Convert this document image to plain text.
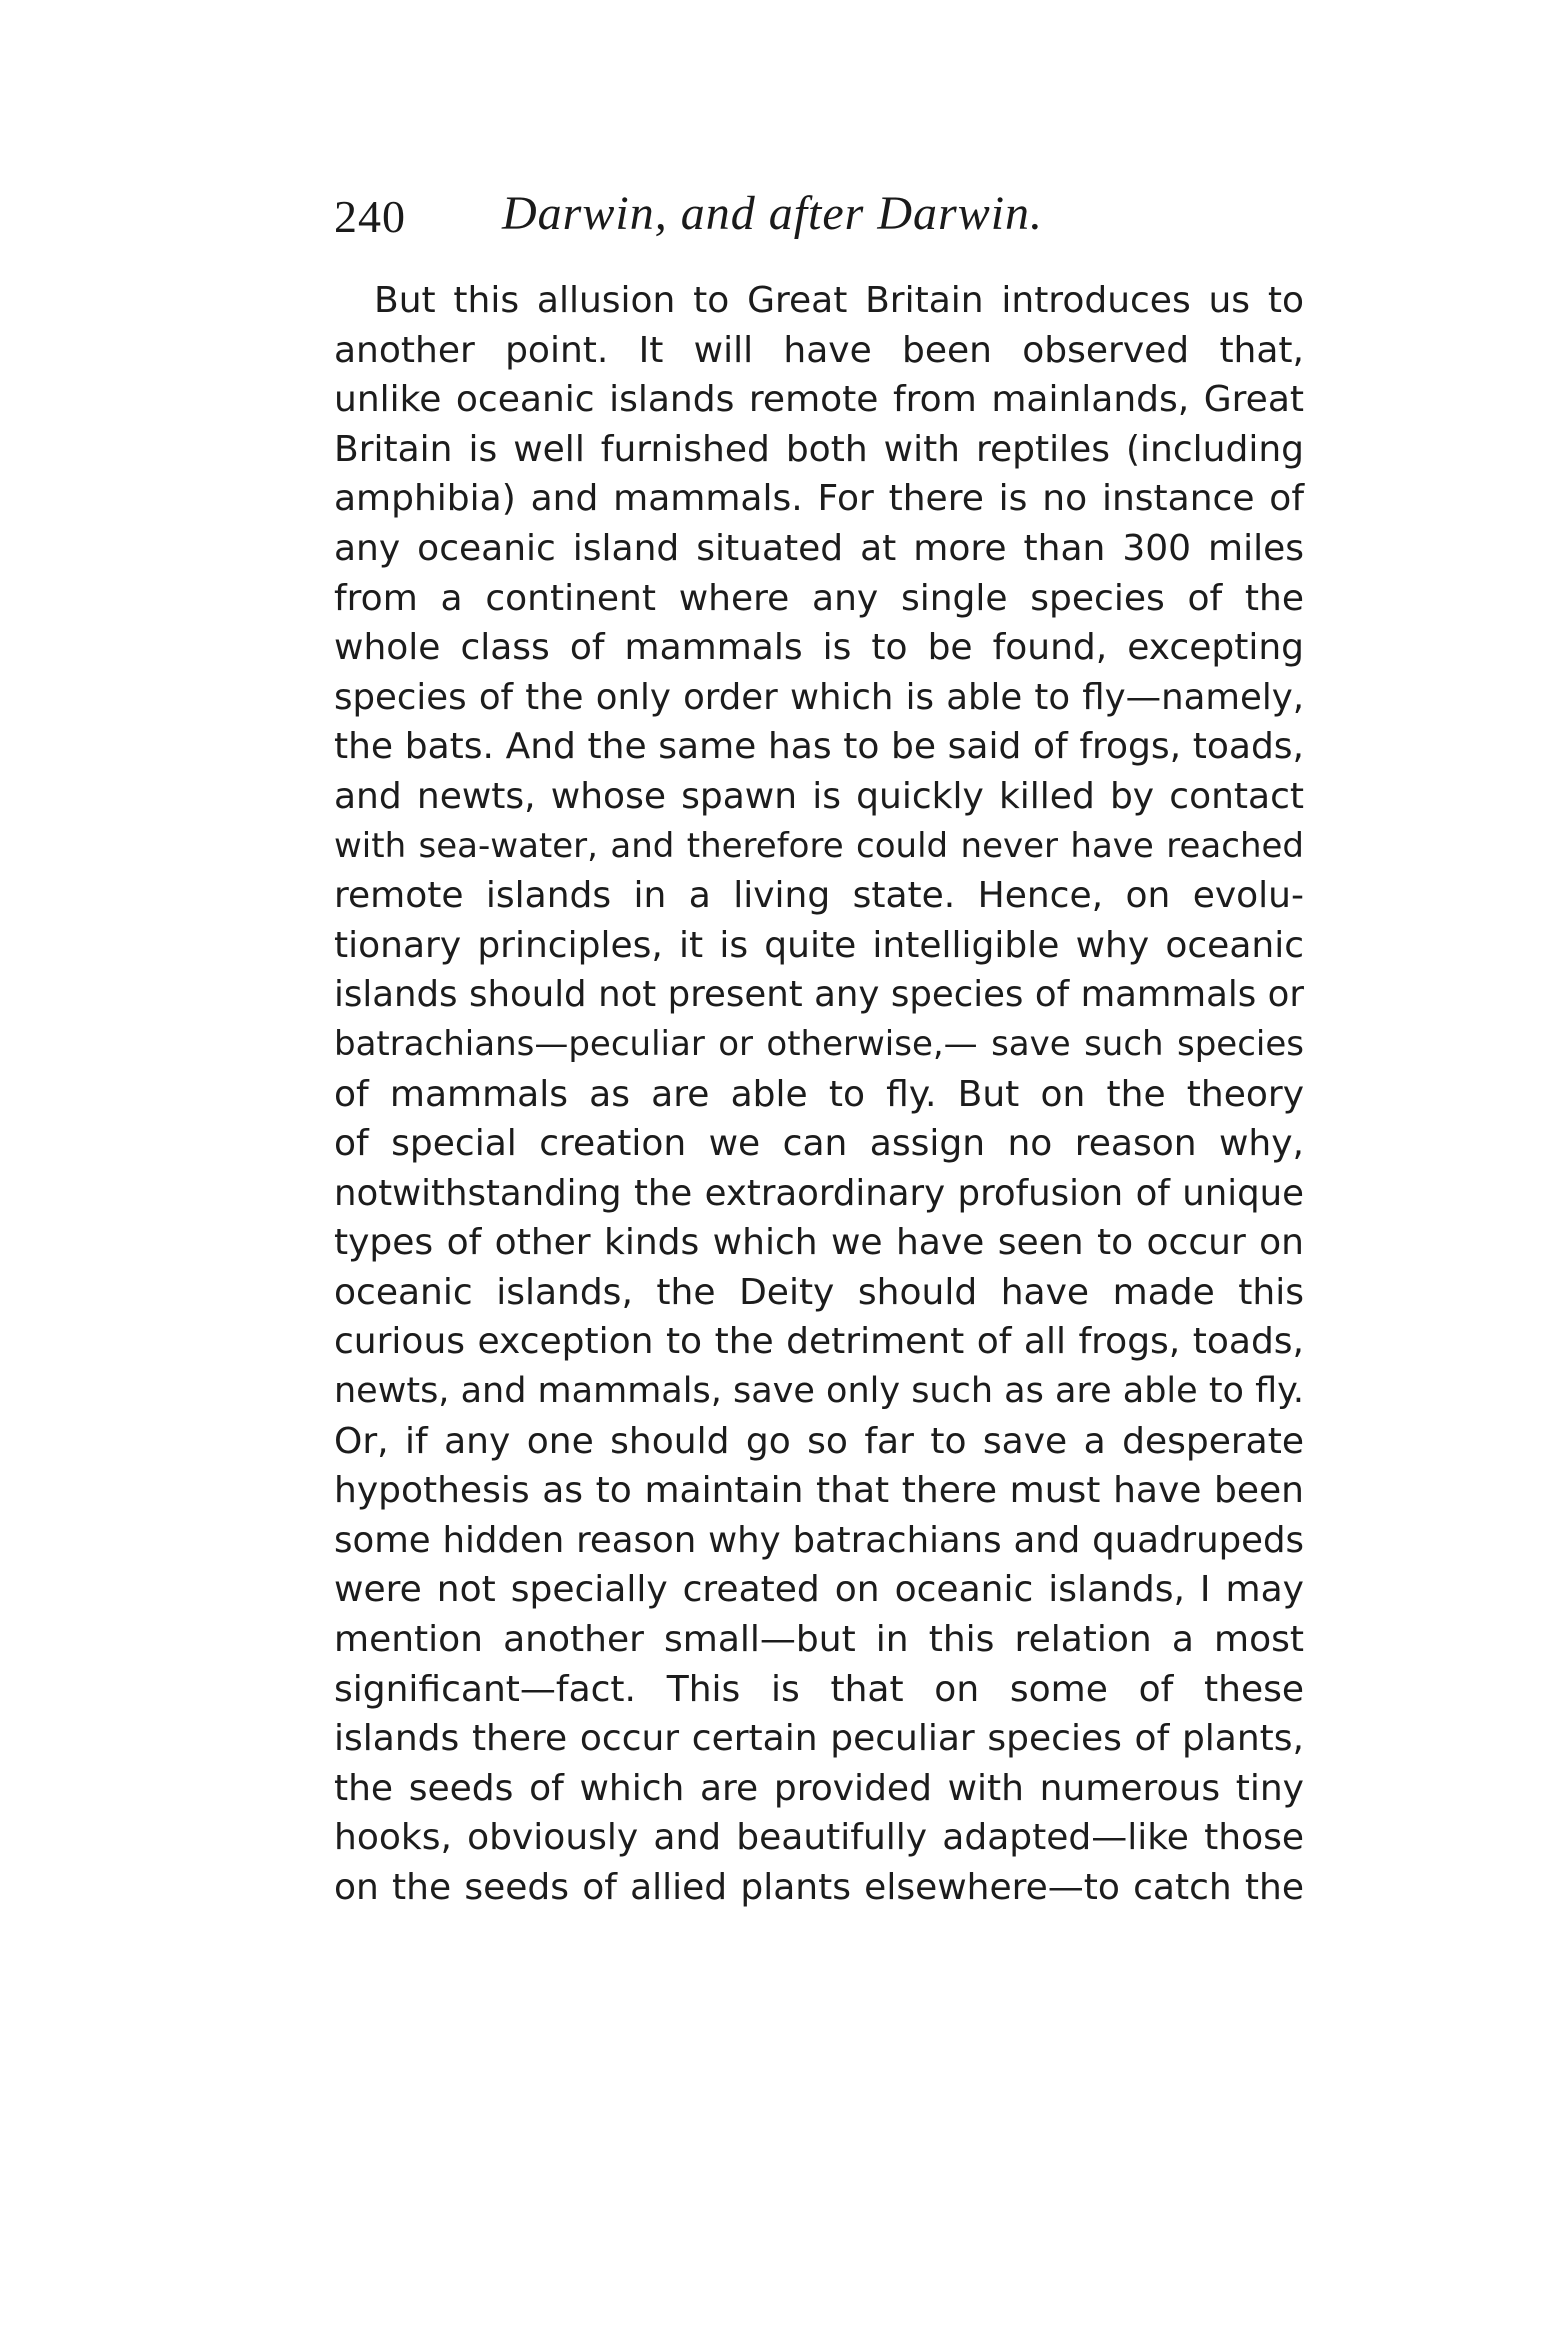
240 Darwin, and after Darwin.
But this allusion to Great Britain introduces us to
another point. It will have been observed that,
unlike oceanic islands remote from mainlands, Great
Britain is well furnished both with reptiles (including
amphibia) and mammals. For there is no instance of
any oceanic island situated at more than 300 miles
from a continent where any single species of the
whole class of mammals is to be found, excepting
species of the only order which is able to fly—namely,
the bats. And the same has to be said of frogs, toads,
and newts, whose spawn is quickly killed by contact
with sea-water, and therefore could never have reached
remote islands in a living state. Hence, on evolu-
tionary principles, it is quite intelligible why oceanic
islands should not present any species of mammals or
batrachians—peculiar or otherwise,— save such species
of mammals as are able to fly. But on the theory
of special creation we can assign no reason why,
notwithstanding the extraordinary profusion of unique
types of other kinds which we have seen to occur on
oceanic islands, the Deity should have made this
curious exception to the detriment of all frogs, toads,
newts, and mammals, save only such as are able to fly.
Or, if any one should go so far to save a desperate
hypothesis as to maintain that there must have been
some hidden reason why batrachians and quadrupeds
were not specially created on oceanic islands, I may
mention another small—but in this relation a most
significant—fact. This is that on some of these
islands there occur certain peculiar species of plants,
the seeds of which are provided with numerous tiny
hooks, obviously and beautifully adapted—like those
on the seeds of allied plants elsewhere—to catch the
